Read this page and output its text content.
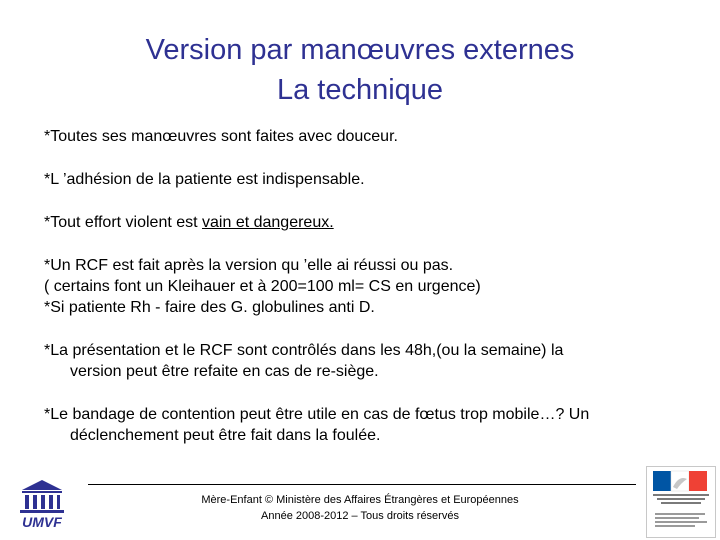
Version par manœuvres externes
La technique

*Toutes ses manœuvres sont faites avec douceur.

*L ’adhésion de la patiente est indispensable.

*Tout effort violent est vain et dangereux.

*Un RCF est fait après la version qu ’elle ai réussi ou pas.

( certains font un Kleihauer et à 200=100 ml= CS en urgence)

*Si patiente Rh - faire des G. globulines anti D.

*La présentation et le RCF sont contrôlés dans les 48h,(ou la semaine) la

version peut être refaite en cas de re-siège.

*Le bandage de contention peut être utile en cas de fœtus trop mobile…? Un

déclenchement peut être fait dans la foulée.

Mère-Enfant © Ministère des Affaires Étrangères et Européennes
Année 2008-2012 – Tous droits réservés
UMVF
